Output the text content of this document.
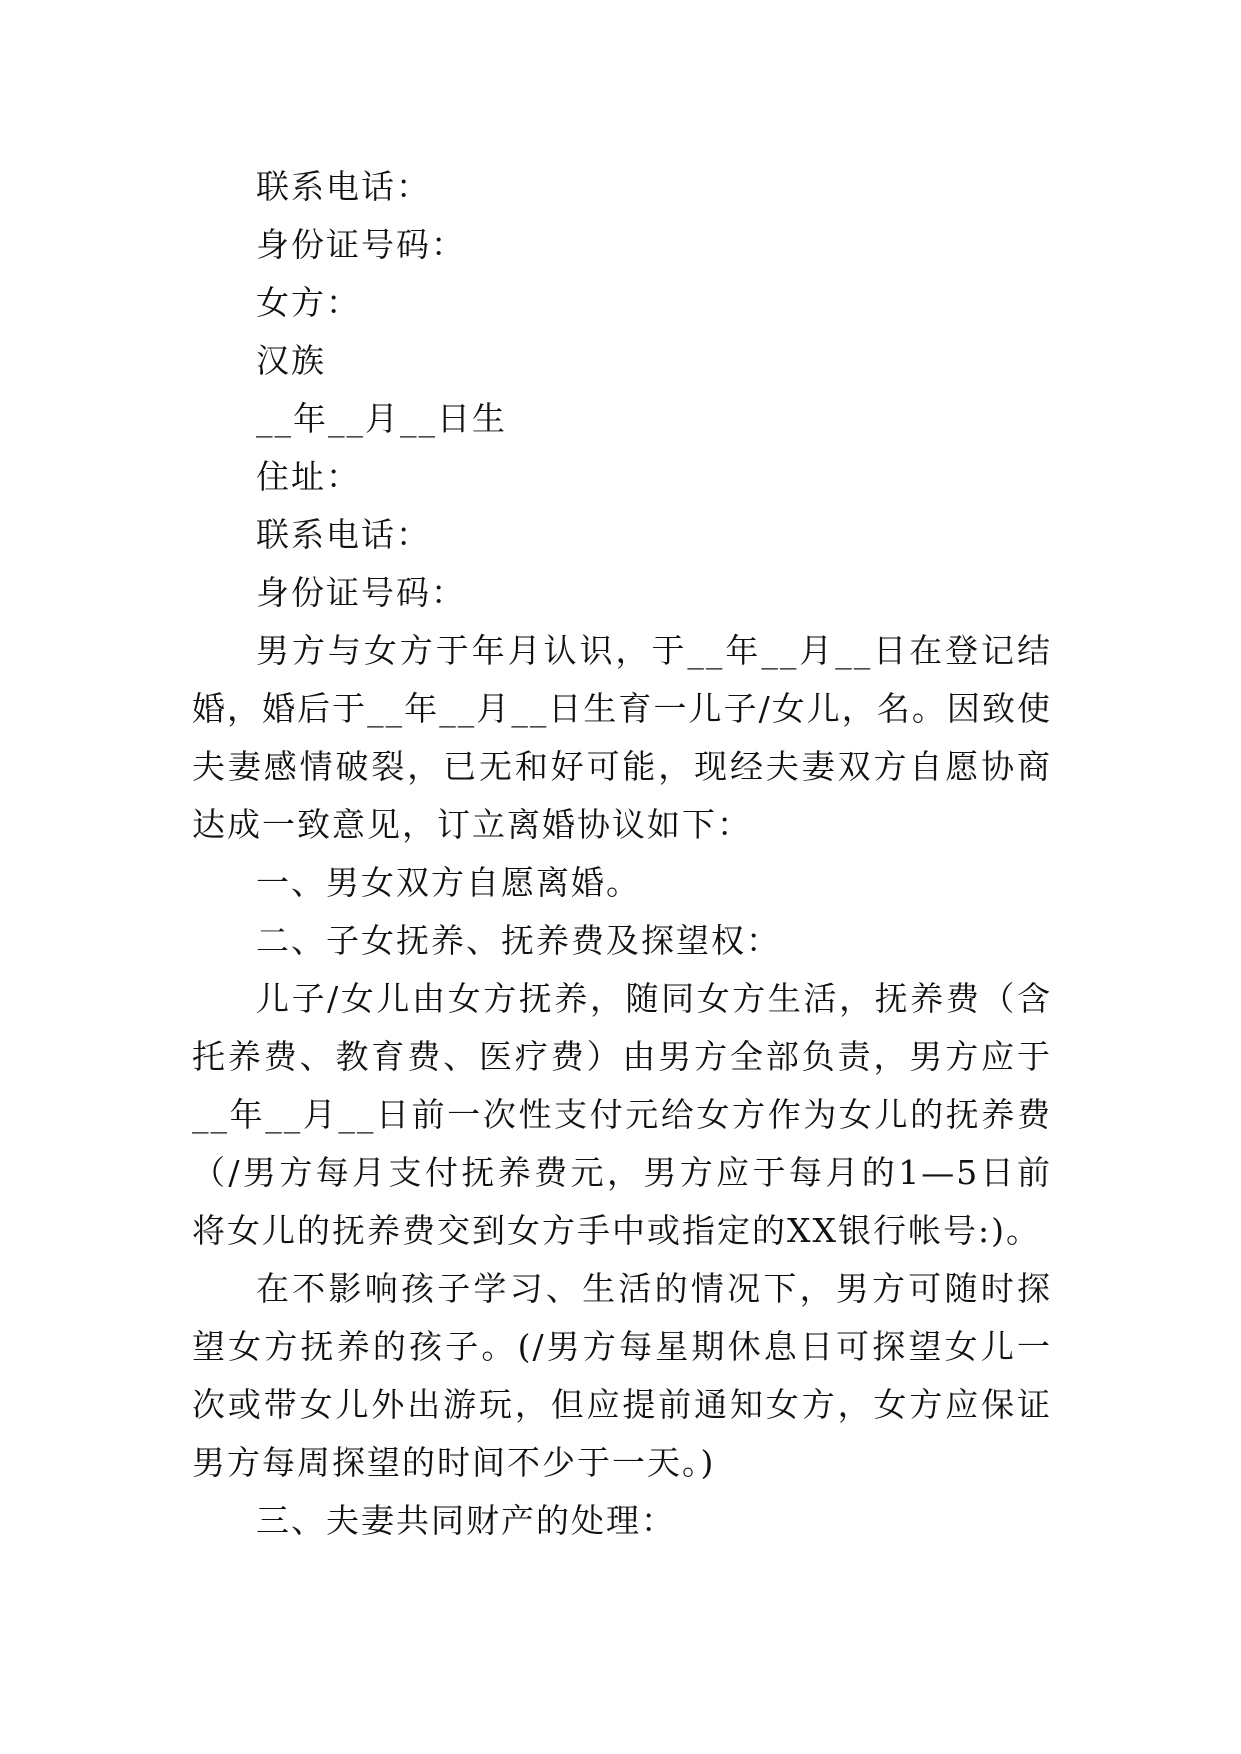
联系电话：

身份证号码：

女方：

汉族

__年__月__日生

住址：

联系电话：

身份证号码：

男方与女方于年月认识，于__年__月__日在登记结婚，婚后于__年__月__日生育一儿子/女儿，名。因致使夫妻感情破裂，已无和好可能，现经夫妻双方自愿协商达成一致意见，订立离婚协议如下：

一、男女双方自愿离婚。

二、子女抚养、抚养费及探望权：

儿子/女儿由女方抚养，随同女方生活，抚养费（含托养费、教育费、医疗费）由男方全部负责，男方应于__年__月__日前一次性支付元给女方作为女儿的抚养费（/男方每月支付抚养费元，男方应于每月的1—5日前将女儿的抚养费交到女方手中或指定的XX银行帐号:)。

在不影响孩子学习、生活的情况下，男方可随时探望女方抚养的孩子。(/男方每星期休息日可探望女儿一次或带女儿外出游玩，但应提前通知女方，女方应保证男方每周探望的时间不少于一天。)

三、夫妻共同财产的处理：
